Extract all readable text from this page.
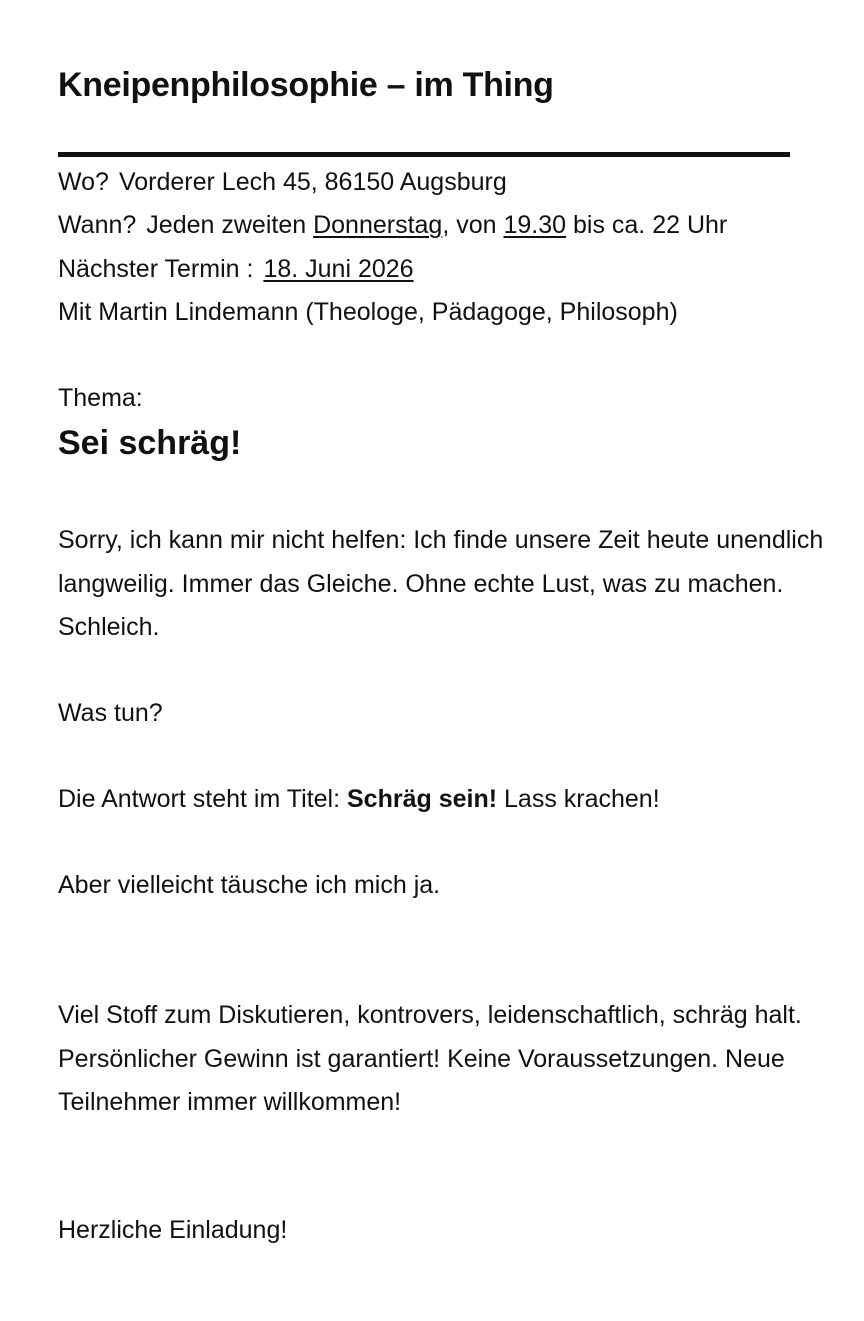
Kneipenphilosophie – im Thing
Wo? Vorderer Lech 45, 86150 Augsburg
Wann? Jeden zweiten Donnerstag, von 19.30 bis ca. 22 Uhr
Nächster Termin : 18. Juni 2026
Mit Martin Lindemann (Theologe, Pädagoge, Philosoph)
Thema:
Sei schräg!
Sorry, ich kann mir nicht helfen: Ich finde unsere Zeit heute unendlich langweilig. Immer das Gleiche. Ohne echte Lust, was zu machen. Schleich.
Was tun?
Die Antwort steht im Titel: Schräg sein! Lass krachen!
Aber vielleicht täusche ich mich ja.
Viel Stoff zum Diskutieren, kontrovers, leidenschaftlich, schräg halt. Persönlicher Gewinn ist garantiert! Keine Voraussetzungen. Neue Teilnehmer immer willkommen!
Herzliche Einladung!
